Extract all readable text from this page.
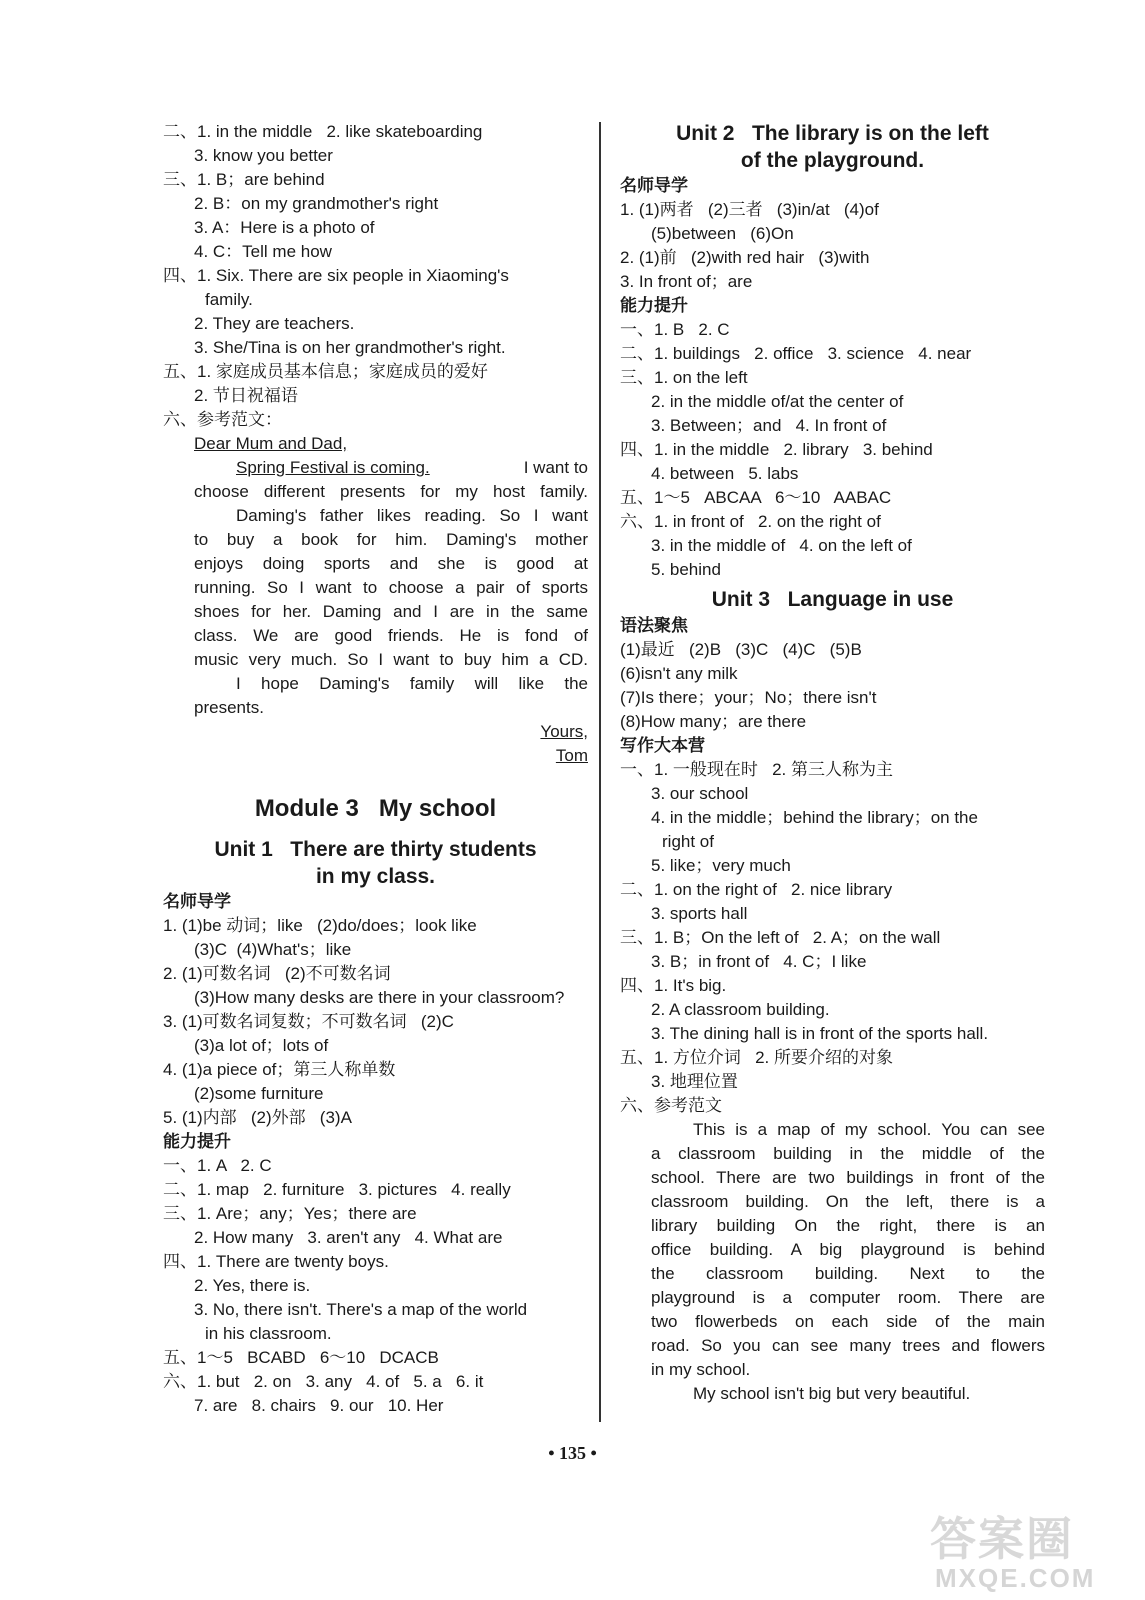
二、1. in the middle   2. like skateboarding
3. know you better
三、1. B；are behind
2. B：on my grandmother's right
3. A：Here is a photo of
4. C：Tell me how
四、1. Six. There are six people in Xiaoming's
family.
2. They are teachers.
3. She/Tina is on her grandmother's right.
五、1. 家庭成员基本信息；家庭成员的爱好
2. 节日祝福语
六、参考范文：
Dear Mum and Dad,
Spring Festival is coming.	I want to
choose different presents for my host family.
Daming's father likes reading. So I want
to buy a book for him. Daming's mother
enjoys doing sports and she is good at
running. So I want to choose a pair of sports
shoes for her. Daming and I are in the same
class. We are good friends. He is fond of
music very much. So I want to buy him a CD.
I hope Daming's family will like the
presents.
Yours,
Tom
Module 3   My school
Unit 1   There are thirty students
in my class.
名师导学
1. (1)be 动词；like   (2)do/does；look like
(3)C  (4)What's；like
2. (1)可数名词   (2)不可数名词
(3)How many desks are there in your classroom?
3. (1)可数名词复数；不可数名词   (2)C
(3)a lot of；lots of
4. (1)a piece of；第三人称单数
(2)some furniture
5. (1)内部   (2)外部   (3)A
能力提升
一、1. A   2. C
二、1. map   2. furniture   3. pictures   4. really
三、1. Are；any；Yes；there are
2. How many   3. aren't any   4. What are
四、1. There are twenty boys.
2. Yes, there is.
3. No, there isn't. There's a map of the world
in his classroom.
五、1～5   BCABD   6～10   DCACB
六、1. but   2. on   3. any   4. of   5. a   6. it
7. are   8. chairs   9. our   10. Her
Unit 2   The library is on the left
of the playground.
名师导学
1. (1)两者   (2)三者   (3)in/at   (4)of
(5)between   (6)On
2. (1)前   (2)with red hair   (3)with
3. In front of；are
能力提升
一、1. B   2. C
二、1. buildings   2. office   3. science   4. near
三、1. on the left
2. in the middle of/at the center of
3. Between；and   4. In front of
四、1. in the middle   2. library   3. behind
4. between   5. labs
五、1～5   ABCAA   6～10   AABAC
六、1. in front of   2. on the right of
3. in the middle of   4. on the left of
5. behind
Unit 3   Language in use
语法聚焦
(1)最近   (2)B   (3)C   (4)C   (5)B
(6)isn't any milk
(7)Is there；your；No；there isn't
(8)How many；are there
写作大本营
一、1. 一般现在时   2. 第三人称为主
3. our school
4. in the middle；behind the library；on the
right of
5. like；very much
二、1. on the right of   2. nice library
3. sports hall
三、1. B；On the left of   2. A；on the wall
3. B；in front of   4. C；I like
四、1. It's big.
2. A classroom building.
3. The dining hall is in front of the sports hall.
五、1. 方位介词   2. 所要介绍的对象
3. 地理位置
六、参考范文
This is a map of my school. You can see
a classroom building in the middle of the
school. There are two buildings in front of the
classroom building. On the left, there is a
library building On the right, there is an
office building. A big playground is behind
the classroom building. Next to the
playground is a computer room. There are
two flowerbeds on each side of the main
road. So you can see many trees and flowers
in my school.
My school isn't big but very beautiful.
• 135 •
答案圈
MXQE.COM
